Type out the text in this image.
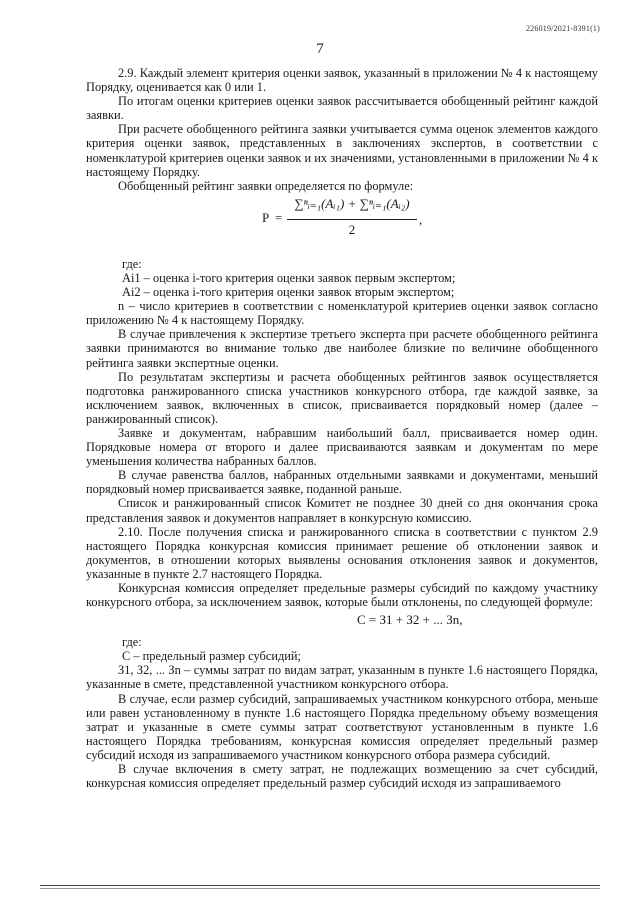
226019/2021-8391(1)
7

2.9. Каждый элемент критерия оценки заявок, указанный в приложении № 4 к настоящему Порядку, оценивается как 0 или 1.

По итогам оценки критериев оценки заявок рассчитывается обобщенный рейтинг каждой заявки.

При расчете обобщенного рейтинга заявки учитывается сумма оценок элементов каждого критерия оценки заявок, представленных в заключениях экспертов, в соответствии с номенклатурой критериев оценки заявок и их значениями, установленными в приложении № 4 к настоящему Порядку.

Обобщенный рейтинг заявки определяется по формуле:

P =
∑ⁿᵢ₌₁(Aᵢ₁) + ∑ⁿᵢ₌₁(Aᵢ₂)
2
,

где:

Аi1 – оценка i-того критерия оценки заявок первым экспертом;

Аi2 – оценка i-того критерия оценки заявок вторым экспертом;

n – число критериев в соответствии с номенклатурой критериев оценки заявок согласно приложению № 4 к настоящему Порядку.

В случае привлечения к экспертизе третьего эксперта при расчете обобщенного рейтинга заявки принимаются во внимание только две наиболее близкие по величине обобщенного рейтинга заявки экспертные оценки.

По результатам экспертизы и расчета обобщенных рейтингов заявок осуществляется подготовка ранжированного списка участников конкурсного отбора, где каждой заявке, за исключением заявок, включенных в список, присваивается порядковый номер (далее – ранжированный список).

Заявке и документам, набравшим наибольший балл, присваивается номер один. Порядковые номера от второго и далее присваиваются заявкам и документам по мере уменьшения количества набранных баллов.

В случае равенства баллов, набранных отдельными заявками и документами, меньший порядковый номер присваивается заявке, поданной раньше.

Список и ранжированный список Комитет не позднее 30 дней со дня окончания срока представления заявок и документов направляет в конкурсную комиссию.

2.10. После получения списка и ранжированного списка в соответствии с пунктом 2.9 настоящего Порядка конкурсная комиссия принимает решение об отклонении заявок и документов, в отношении которых выявлены основания отклонения заявок и документов, указанные в пункте 2.7 настоящего Порядка.

Конкурсная комиссия определяет предельные размеры субсидий по каждому участнику конкурсного отбора, за исключением заявок, которые были отклонены, по следующей формуле:

С = З1 + З2 + ... Зn,

где:

С – предельный размер субсидий;

З1, З2, ... Зn – суммы затрат по видам затрат, указанным в пункте 1.6 настоящего Порядка, указанные в смете, представленной участником конкурсного отбора.

В случае, если размер субсидий, запрашиваемых участником конкурсного отбора, меньше или равен установленному в пункте 1.6 настоящего Порядка предельному объему возмещения затрат и указанные в смете суммы затрат соответствуют установленным в пункте 1.6 настоящего Порядка требованиям, конкурсная комиссия определяет предельный размер субсидий исходя из запрашиваемого участником конкурсного отбора размера субсидий.

В случае включения в смету затрат, не подлежащих возмещению за счет субсидий, конкурсная комиссия определяет предельный размер субсидий исходя из запрашиваемого
